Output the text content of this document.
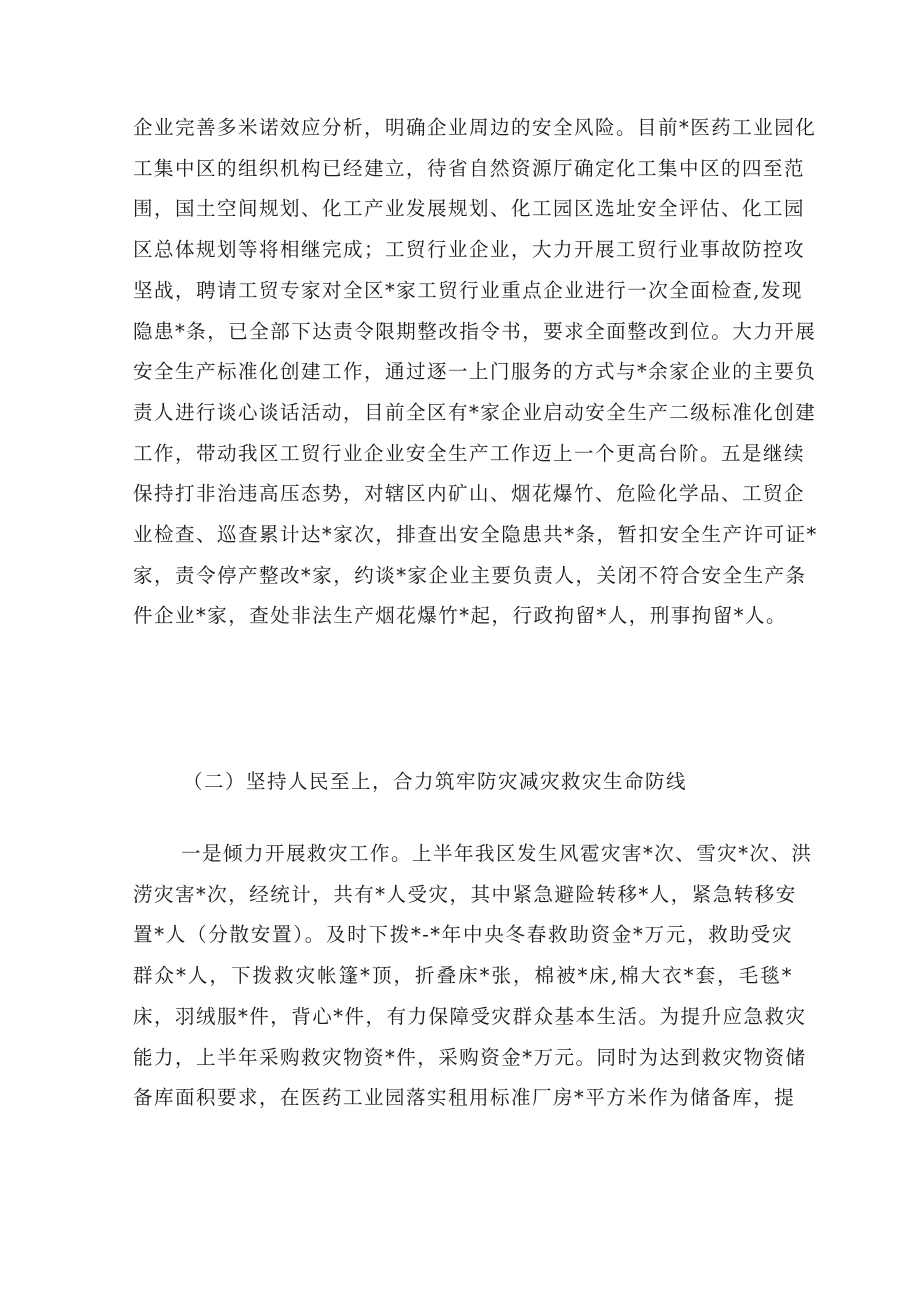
企业完善多米诺效应分析，明确企业周边的安全风险。目前*医药工业园化
工集中区的组织机构已经建立，待省自然资源厅确定化工集中区的四至范
围，国土空间规划、化工产业发展规划、化工园区选址安全评估、化工园
区总体规划等将相继完成；工贸行业企业，大力开展工贸行业事故防控攻
坚战，聘请工贸专家对全区*家工贸行业重点企业进行一次全面检查,发现
隐患*条，已全部下达责令限期整改指令书，要求全面整改到位。大力开展
安全生产标准化创建工作，通过逐一上门服务的方式与*余家企业的主要负
责人进行谈心谈话活动，目前全区有*家企业启动安全生产二级标准化创建
工作，带动我区工贸行业企业安全生产工作迈上一个更高台阶。五是继续
保持打非治违高压态势，对辖区内矿山、烟花爆竹、危险化学品、工贸企
业检查、巡查累计达*家次，排查出安全隐患共*条，暂扣安全生产许可证*
家，责令停产整改*家，约谈*家企业主要负责人，关闭不符合安全生产条
件企业*家，查处非法生产烟花爆竹*起，行政拘留*人，刑事拘留*人。

（二）坚持人民至上，合力筑牢防灾减灾救灾生命防线

一是倾力开展救灾工作。上半年我区发生风雹灾害*次、雪灾*次、洪
涝灾害*次，经统计，共有*人受灾，其中紧急避险转移*人，紧急转移安
置*人（分散安置）。及时下拨*-*年中央冬春救助资金*万元，救助受灾
群众*人，下拨救灾帐篷*顶，折叠床*张，棉被*床,棉大衣*套，毛毯*
床，羽绒服*件，背心*件，有力保障受灾群众基本生活。为提升应急救灾
能力，上半年采购救灾物资*件，采购资金*万元。同时为达到救灾物资储
备库面积要求，在医药工业园落实租用标准厂房*平方米作为储备库，提
